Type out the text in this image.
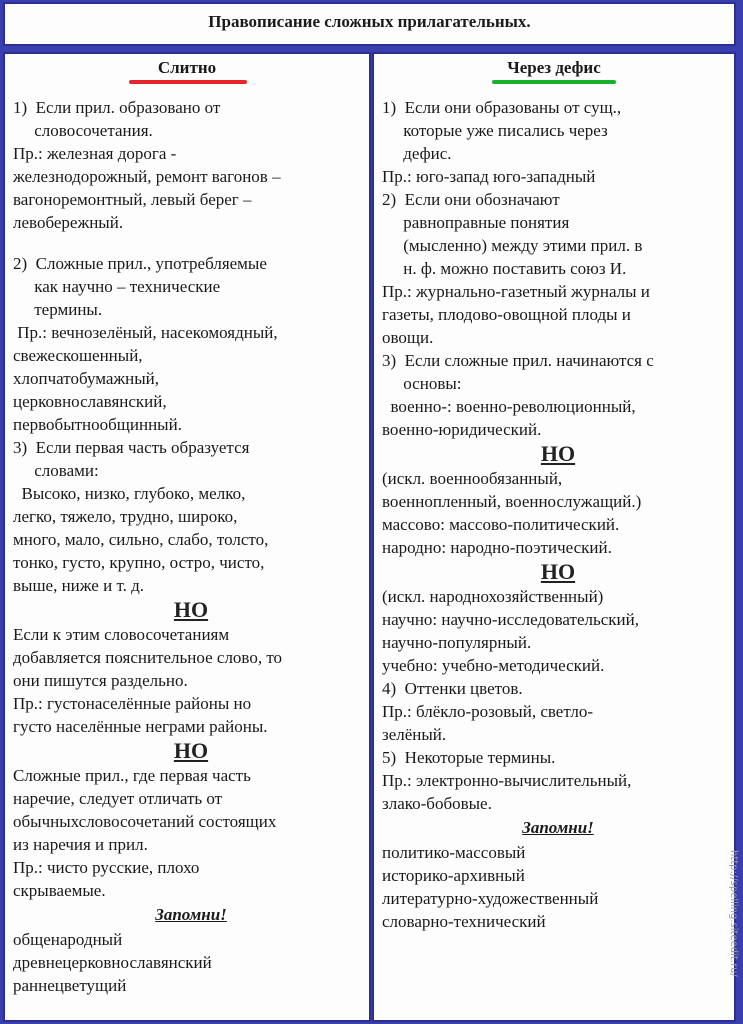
Правописание сложных прилагательных.
Слитно
1)  Если прил. образовано от
словосочетания.
Пр.: железная дорога -
железнодорожный, ремонт вагонов –
вагоноремонтный, левый берег –
левобережный.
2)  Сложные прил., употребляемые
как научно – технические
термины.
Пр.: вечнозелёный, насекомоядный,
свежескошенный,
хлопчатобумажный,
церковнославянский,
первобытнообщинный.
3)  Если первая часть образуется
словами:
Высоко, низко, глубоко, мелко,
легко, тяжело, трудно, широко,
много, мало, сильно, слабо, толсто,
тонко, густо, крупно, остро, чисто,
выше, ниже и т. д.
НО
Если к этим словосочетаниям
добавляется пояснительное слово, то
они пишутся раздельно.
Пр.: густонаселённые районы но
густо населённые неграми районы.
НО
Сложные прил., где первая часть
наречие, следует отличать от
обычныхсловосочетаний состоящих
из наречия и прил.
Пр.: чисто русские, плохо
скрываемые.
Запомни!
общенародный
древнецерковнославянский
раннецветущий
Через дефис
1)  Если они образованы от сущ.,
которые уже писались через
дефис.
Пр.: юго-запад юго-западный
2)  Если они обозначают
равноправные понятия
(мысленно) между этими прил. в
н. ф. можно поставить союз И.
Пр.: журнально-газетный журналы и
газеты, плодово-овощной плоды и
овощи.
3)  Если сложные прил. начинаются с
основы:
военно-: военно-революционный,
военно-юридический.
НО
(искл. военнообязанный,
военнопленный, военнослужащий.)
массово: массово-политический.
народно: народно-поэтический.
НО
(искл. народнохозяйственный)
научно: научно-исследовательский,
научно-популярный.
учебно: учебно-методический.
4)  Оттенки цветов.
Пр.: блёкло-розовый, светло-
зелёный.
5)  Некоторые термины.
Пр.: электронно-вычислительный,
злако-бобовые.
Запомни!
политико-массовый
историко-архивный
литературно-художественный
словарно-технический	http://spelling.siteedit.ru/
